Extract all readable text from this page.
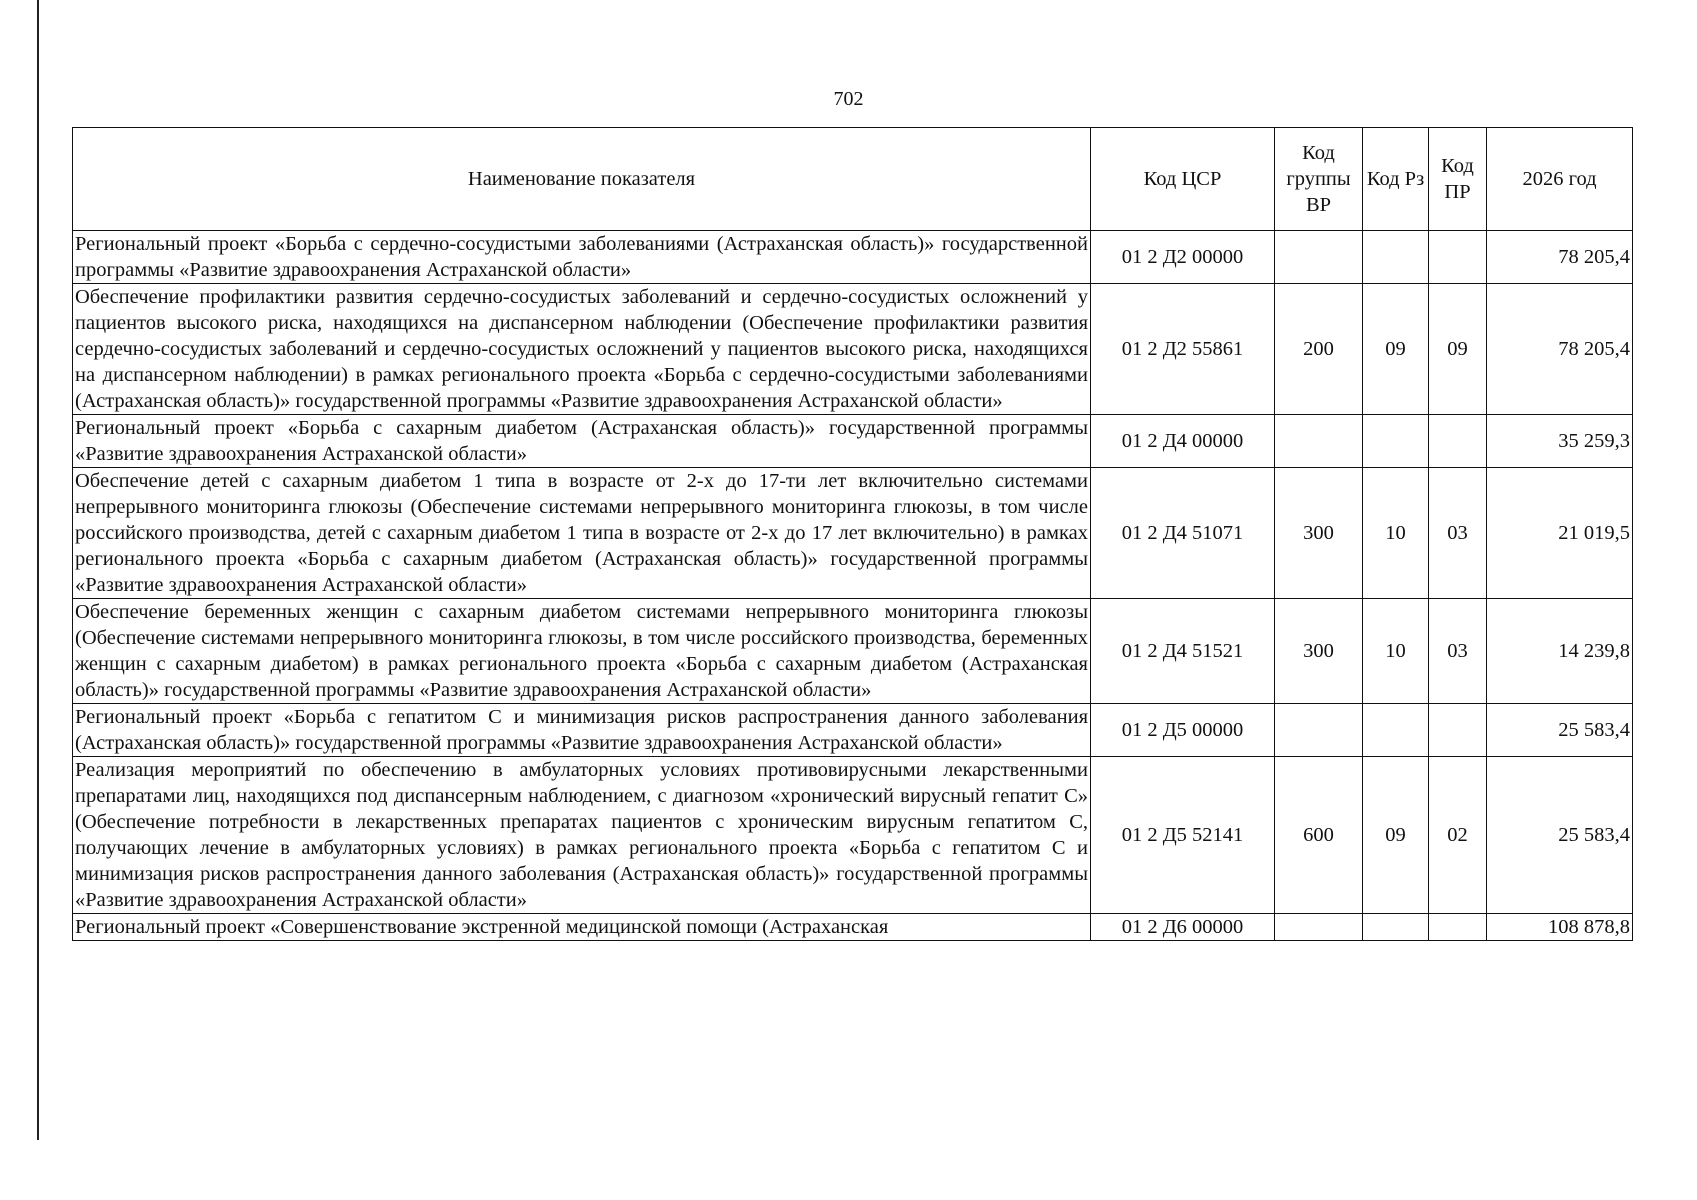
702
Наименование показателя	Код ЦСР	Код группы ВР	Код Рз	Код ПР	2026 год
Региональный проект «Борьба с сердечно-сосудистыми заболеваниями (Астраханская область)» государственной программы «Развитие здравоохранения Астраханской области»	01 2 Д2 00000				78 205,4
Обеспечение профилактики развития сердечно-сосудистых заболеваний и сердечно-сосудистых осложнений у пациентов высокого риска, находящихся на диспансерном наблюдении (Обеспечение профилактики развития сердечно-сосудистых заболеваний и сердечно-сосудистых осложнений у пациентов высокого риска, находящихся на диспансерном наблюдении) в рамках регионального проекта «Борьба с сердечно-сосудистыми заболеваниями (Астраханская область)» государственной программы «Развитие здравоохранения Астраханской области»	01 2 Д2 55861	200	09	09	78 205,4
Региональный проект «Борьба с сахарным диабетом (Астраханская область)» государственной программы «Развитие здравоохранения Астраханской области»	01 2 Д4 00000				35 259,3
Обеспечение детей с сахарным диабетом 1 типа в возрасте от 2-х до 17-ти лет включительно системами непрерывного мониторинга глюкозы (Обеспечение системами непрерывного мониторинга глюкозы, в том числе российского производства, детей с сахарным диабетом 1 типа в возрасте от 2-х до 17 лет включительно) в рамках регионального проекта «Борьба с сахарным диабетом (Астраханская область)» государственной программы «Развитие здравоохранения Астраханской области»	01 2 Д4 51071	300	10	03	21 019,5
Обеспечение беременных женщин с сахарным диабетом системами непрерывного мониторинга глюкозы (Обеспечение системами непрерывного мониторинга глюкозы, в том числе российского производства, беременных женщин с сахарным диабетом) в рамках регионального проекта «Борьба с сахарным диабетом (Астраханская область)» государственной программы «Развитие здравоохранения Астраханской области»	01 2 Д4 51521	300	10	03	14 239,8
Региональный проект «Борьба с гепатитом С и минимизация рисков распространения данного заболевания (Астраханская область)» государственной программы «Развитие здравоохранения Астраханской области»	01 2 Д5 00000				25 583,4
Реализация мероприятий по обеспечению в амбулаторных условиях противовирусными лекарственными препаратами лиц, находящихся под диспансерным наблюдением, с диагнозом «хронический вирусный гепатит С» (Обеспечение потребности в лекарственных препаратах пациентов с хроническим вирусным гепатитом С, получающих лечение в амбулаторных условиях) в рамках регионального проекта «Борьба с гепатитом С и минимизация рисков распространения данного заболевания (Астраханская область)» государственной программы «Развитие здравоохранения Астраханской области»	01 2 Д5 52141	600	09	02	25 583,4
Региональный проект «Совершенствование экстренной медицинской помощи (Астраханская	01 2 Д6 00000				108 878,8
